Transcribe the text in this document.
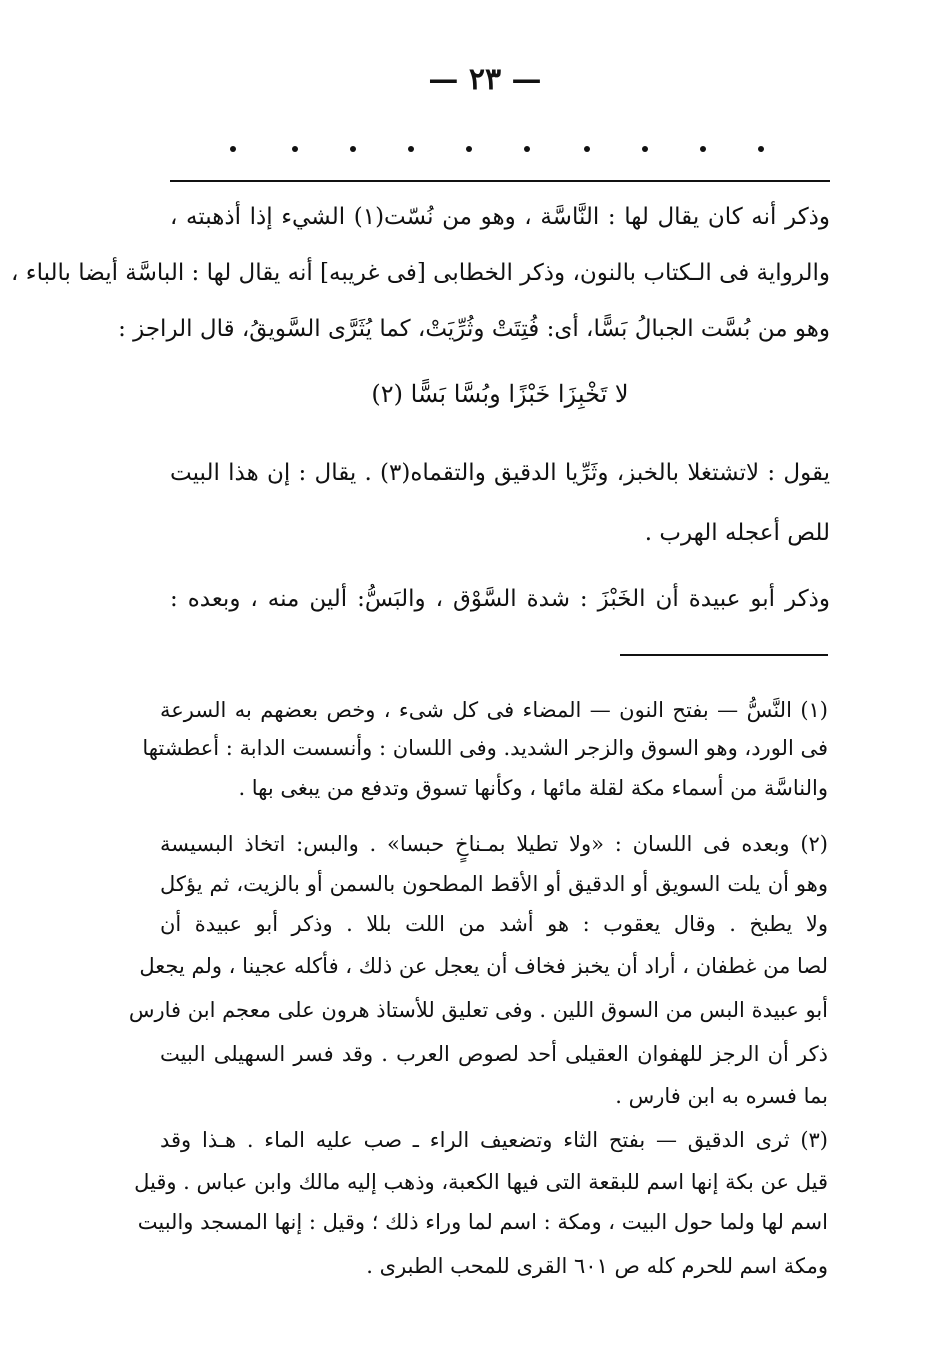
— ٢٣ —
وذكر أنه كان يقال لها : النَّاسَّة ، وهو من نُسّت(١) الشيء إذا أذهبته ،
والرواية فى الـكتاب بالنون، وذكر الخطابى [فى غريبه] أنه يقال لها : الباسَّة أيضا بالباء ،
وهو من بُسَّت الجبالُ بَسًّا، أى: فُتِتَتْ وثُرِّيَتْ، كما يُثَرَّى السَّويقُ، قال الراجز :
لا تَخْبِزَا خَبْزًا وبُسَّا بَسًّا (٢)
يقول : لاتشتغلا بالخبز، وثَرِّيا الدقيق والتقماه(٣) . يقال : إن هذا البيت
للص أعجله الهرب .
وذكر أبو عبيدة أن الخَبْزَ : شدة السَّوْق ، والبَسُّ: ألين منه ، وبعده :
(١) النَّسُّ — بفتح النون — المضاء فى كل شىء ، وخص بعضهم به السرعة
فى الورد، وهو السوق والزجر الشديد. وفى اللسان : وأنسست الدابة : أعطشتها
والناسَّة من أسماء مكة لقلة مائها ، وكأنها تسوق وتدفع من يبغى بها .
(٢) وبعده فى اللسان : «ولا تطيلا بمـناخٍ حبسا» . والبس: اتخاذ البسيسة
وهو أن يلت السويق أو الدقيق أو الأقط المطحون بالسمن أو بالزيت، ثم يؤكل
ولا يطبخ . وقال يعقوب : هو أشد من اللت بللا . وذكر أبو عبيدة أن
لصا من غطفان ، أراد أن يخبز فخاف أن يعجل عن ذلك ، فأكله عجينا ، ولم يجعل
أبو عبيدة البس من السوق اللين . وفى تعليق للأستاذ هرون على معجم ابن فارس
ذكر أن الرجز للهفوان العقيلى أحد لصوص العرب . وقد فسر السهيلى البيت
بما فسره به ابن فارس .
(٣) ثرى الدقيق — بفتح الثاء وتضعيف الراء ـ صب عليه الماء . هـذا وقد
قيل عن بكة إنها اسم للبقعة التى فيها الكعبة، وذهب إليه مالك وابن عباس . وقيل
اسم لها ولما حول البيت ، ومكة : اسم لما وراء ذلك ؛ وقيل : إنها المسجد والبيت
ومكة اسم للحرم كله ص ٦٠١ القرى للمحب الطبرى .
